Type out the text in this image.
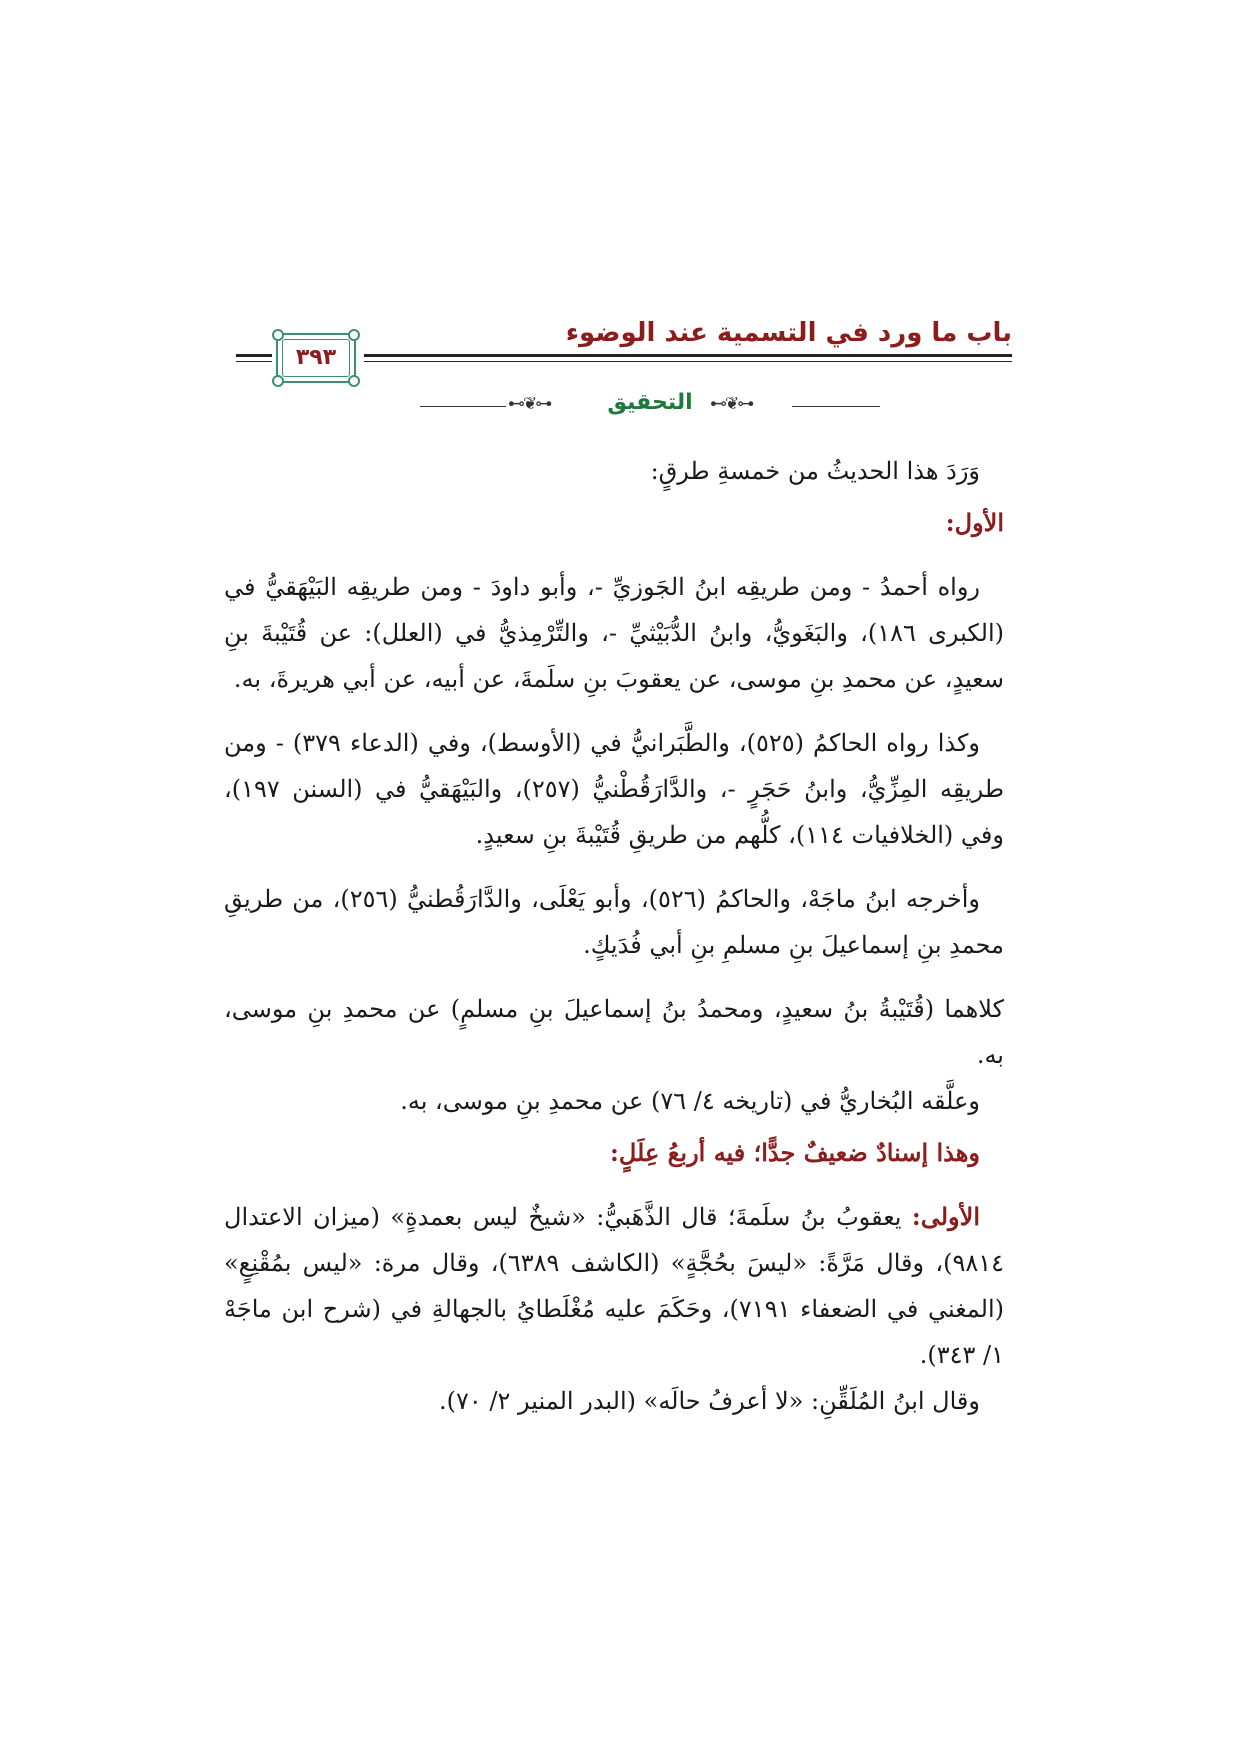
باب ما ورد في التسمية عند الوضوء
٣٩٣
⊷❦⊶	التحقيق	⊷❦⊶

وَرَدَ هذا الحديثُ من خمسةِ طرقٍ:

الأول:

رواه أحمدُ - ومن طريقِه ابنُ الجَوزيِّ -، وأبو داودَ - ومن طريقِه البَيْهَقيُّ في (الكبرى ١٨٦)، والبَغَويُّ، وابنُ الدُّبَيْثيِّ -، والتِّرْمِذيُّ في (العلل): عن قُتَيْبةَ بنِ سعيدٍ، عن محمدِ بنِ موسى، عن يعقوبَ بنِ سلَمةَ، عن أبيه، عن أبي هريرةَ، به.

وكذا رواه الحاكمُ (٥٢٥)، والطَّبَرانيُّ في (الأوسط)، وفي (الدعاء ٣٧٩) - ومن طريقِه المِزِّيُّ، وابنُ حَجَرٍ -، والدَّارَقُطْنيُّ (٢٥٧)، والبَيْهَقيُّ في (السنن ١٩٧)، وفي (الخلافيات ١١٤)، كلُّهم من طريقِ قُتَيْبةَ بنِ سعيدٍ.

وأخرجه ابنُ ماجَهْ، والحاكمُ (٥٢٦)، وأبو يَعْلَى، والدَّارَقُطنيُّ (٢٥٦)، من طريقِ محمدِ بنِ إسماعيلَ بنِ مسلمِ بنِ أبي فُدَيكٍ.

كلاهما (قُتَيْبةُ بنُ سعيدٍ، ومحمدُ بنُ إسماعيلَ بنِ مسلمٍ) عن محمدِ بنِ موسى، به.

وعلَّقه البُخاريُّ في (تاريخه ٤/ ٧٦) عن محمدِ بنِ موسى، به.

وهذا إسنادٌ ضعيفٌ جدًّا؛ فيه أربعُ عِلَلٍ:

الأولى: يعقوبُ بنُ سلَمةَ؛ قال الذَّهَبيُّ: «شيخٌ ليس بعمدةٍ» (ميزان الاعتدال ٩٨١٤)، وقال مَرَّةً: «ليسَ بحُجَّةٍ» (الكاشف ٦٣٨٩)، وقال مرة: «ليس بمُقْنِعٍ» (المغني في الضعفاء ٧١٩١)، وحَكَمَ عليه مُغْلَطايُ بالجهالةِ في (شرح ابن ماجَهْ ١/ ٣٤٣).

وقال ابنُ المُلَقِّنِ: «لا أعرفُ حالَه» (البدر المنير ٢/ ٧٠).
